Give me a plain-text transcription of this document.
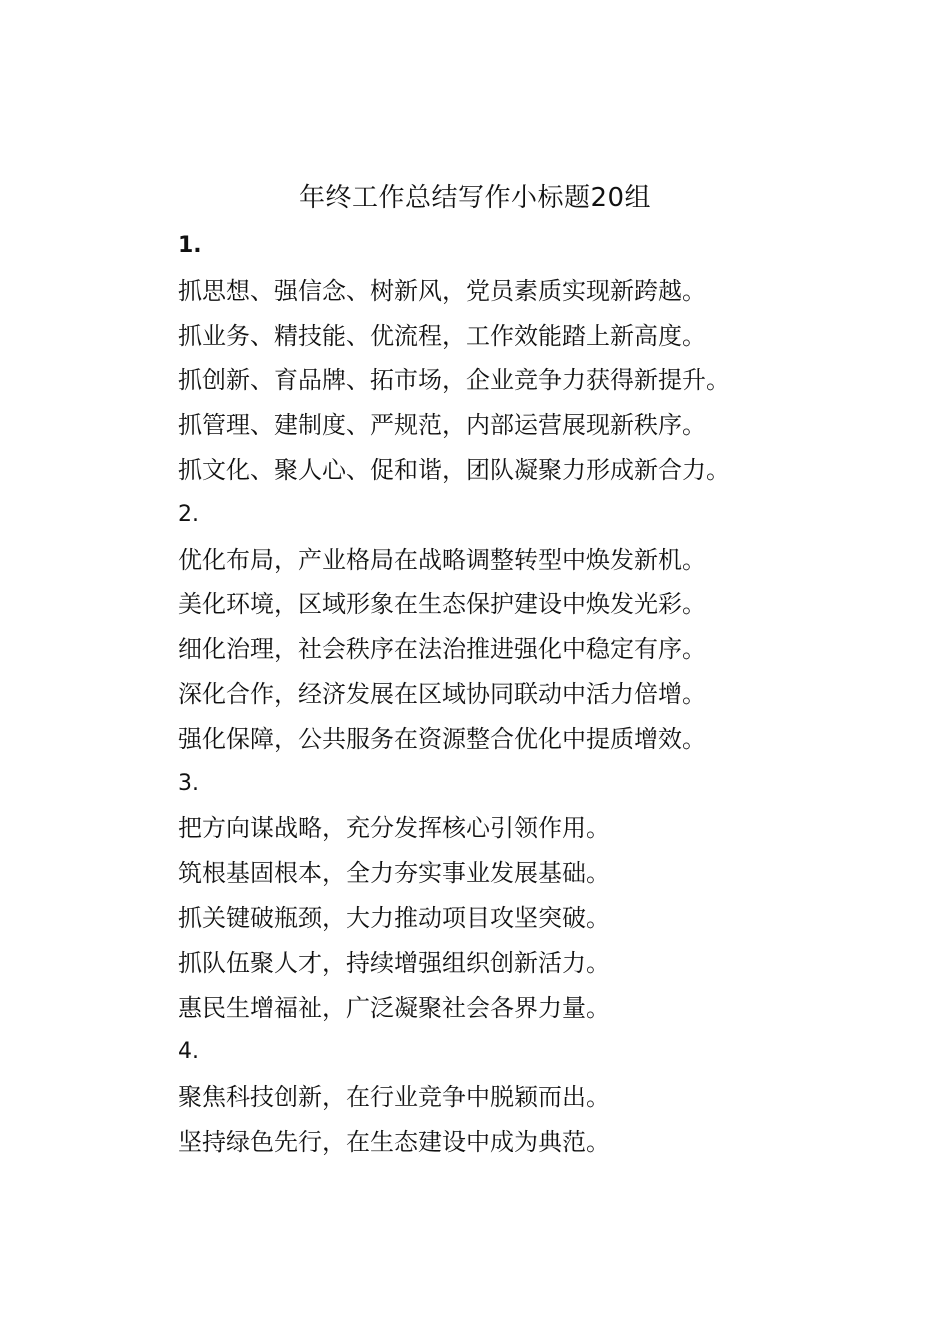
年终工作总结写作小标题20组
1.
抓思想、强信念、树新风，党员素质实现新跨越。
抓业务、精技能、优流程，工作效能踏上新高度。
抓创新、育品牌、拓市场，企业竞争力获得新提升。
抓管理、建制度、严规范，内部运营展现新秩序。
抓文化、聚人心、促和谐，团队凝聚力形成新合力。
2.
优化布局，产业格局在战略调整转型中焕发新机。
美化环境，区域形象在生态保护建设中焕发光彩。
细化治理，社会秩序在法治推进强化中稳定有序。
深化合作，经济发展在区域协同联动中活力倍增。
强化保障，公共服务在资源整合优化中提质增效。
3.
把方向谋战略，充分发挥核心引领作用。
筑根基固根本，全力夯实事业发展基础。
抓关键破瓶颈，大力推动项目攻坚突破。
抓队伍聚人才，持续增强组织创新活力。
惠民生增福祉，广泛凝聚社会各界力量。
4.
聚焦科技创新，在行业竞争中脱颖而出。
坚持绿色先行，在生态建设中成为典范。
